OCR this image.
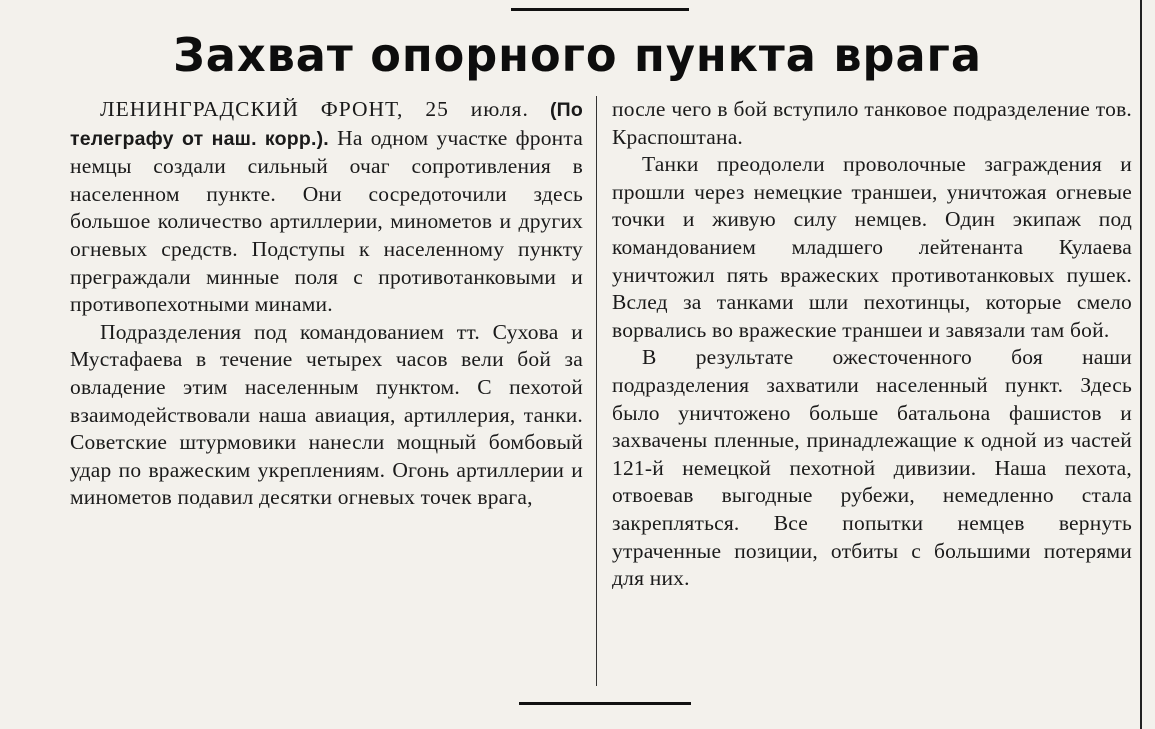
Захват опорного пункта врага

ЛЕНИНГРАДСКИЙ ФРОНТ, 25 июля. (По телеграфу от наш. корр.). На одном участке фронта немцы создали сильный очаг сопротивления в населенном пункте. Они сосредоточили здесь большое количество артиллерии, минометов и других огневых средств. Подступы к населенному пункту преграждали минные поля с противотанковыми и противопехотными минами.

Подразделения под командованием тт. Сухова и Мустафаева в течение четырех часов вели бой за овладение этим населенным пунктом. С пехотой взаимодействовали наша авиация, артиллерия, танки. Советские штурмовики нанесли мощный бомбовый удар по вражеским укреплениям. Огонь артиллерии и минометов подавил десятки огневых точек врага,

после чего в бой вступило танковое подразделение тов. Краспоштана.

Танки преодолели проволочные заграждения и прошли через немецкие траншеи, уничтожая огневые точки и живую силу немцев. Один экипаж под командованием младшего лейтенанта Кулаева уничтожил пять вражеских противотанковых пушек. Вслед за танками шли пехотинцы, которые смело ворвались во вражеские траншеи и завязали там бой.

В результате ожесточенного боя наши подразделения захватили населенный пункт. Здесь было уничтожено больше батальона фашистов и захвачены пленные, принадлежащие к одной из частей 121-й немецкой пехотной дивизии. Наша пехота, отвоевав выгодные рубежи, немедленно стала закрепляться. Все попытки немцев вернуть утраченные позиции, отбиты с большими потерями для них.
